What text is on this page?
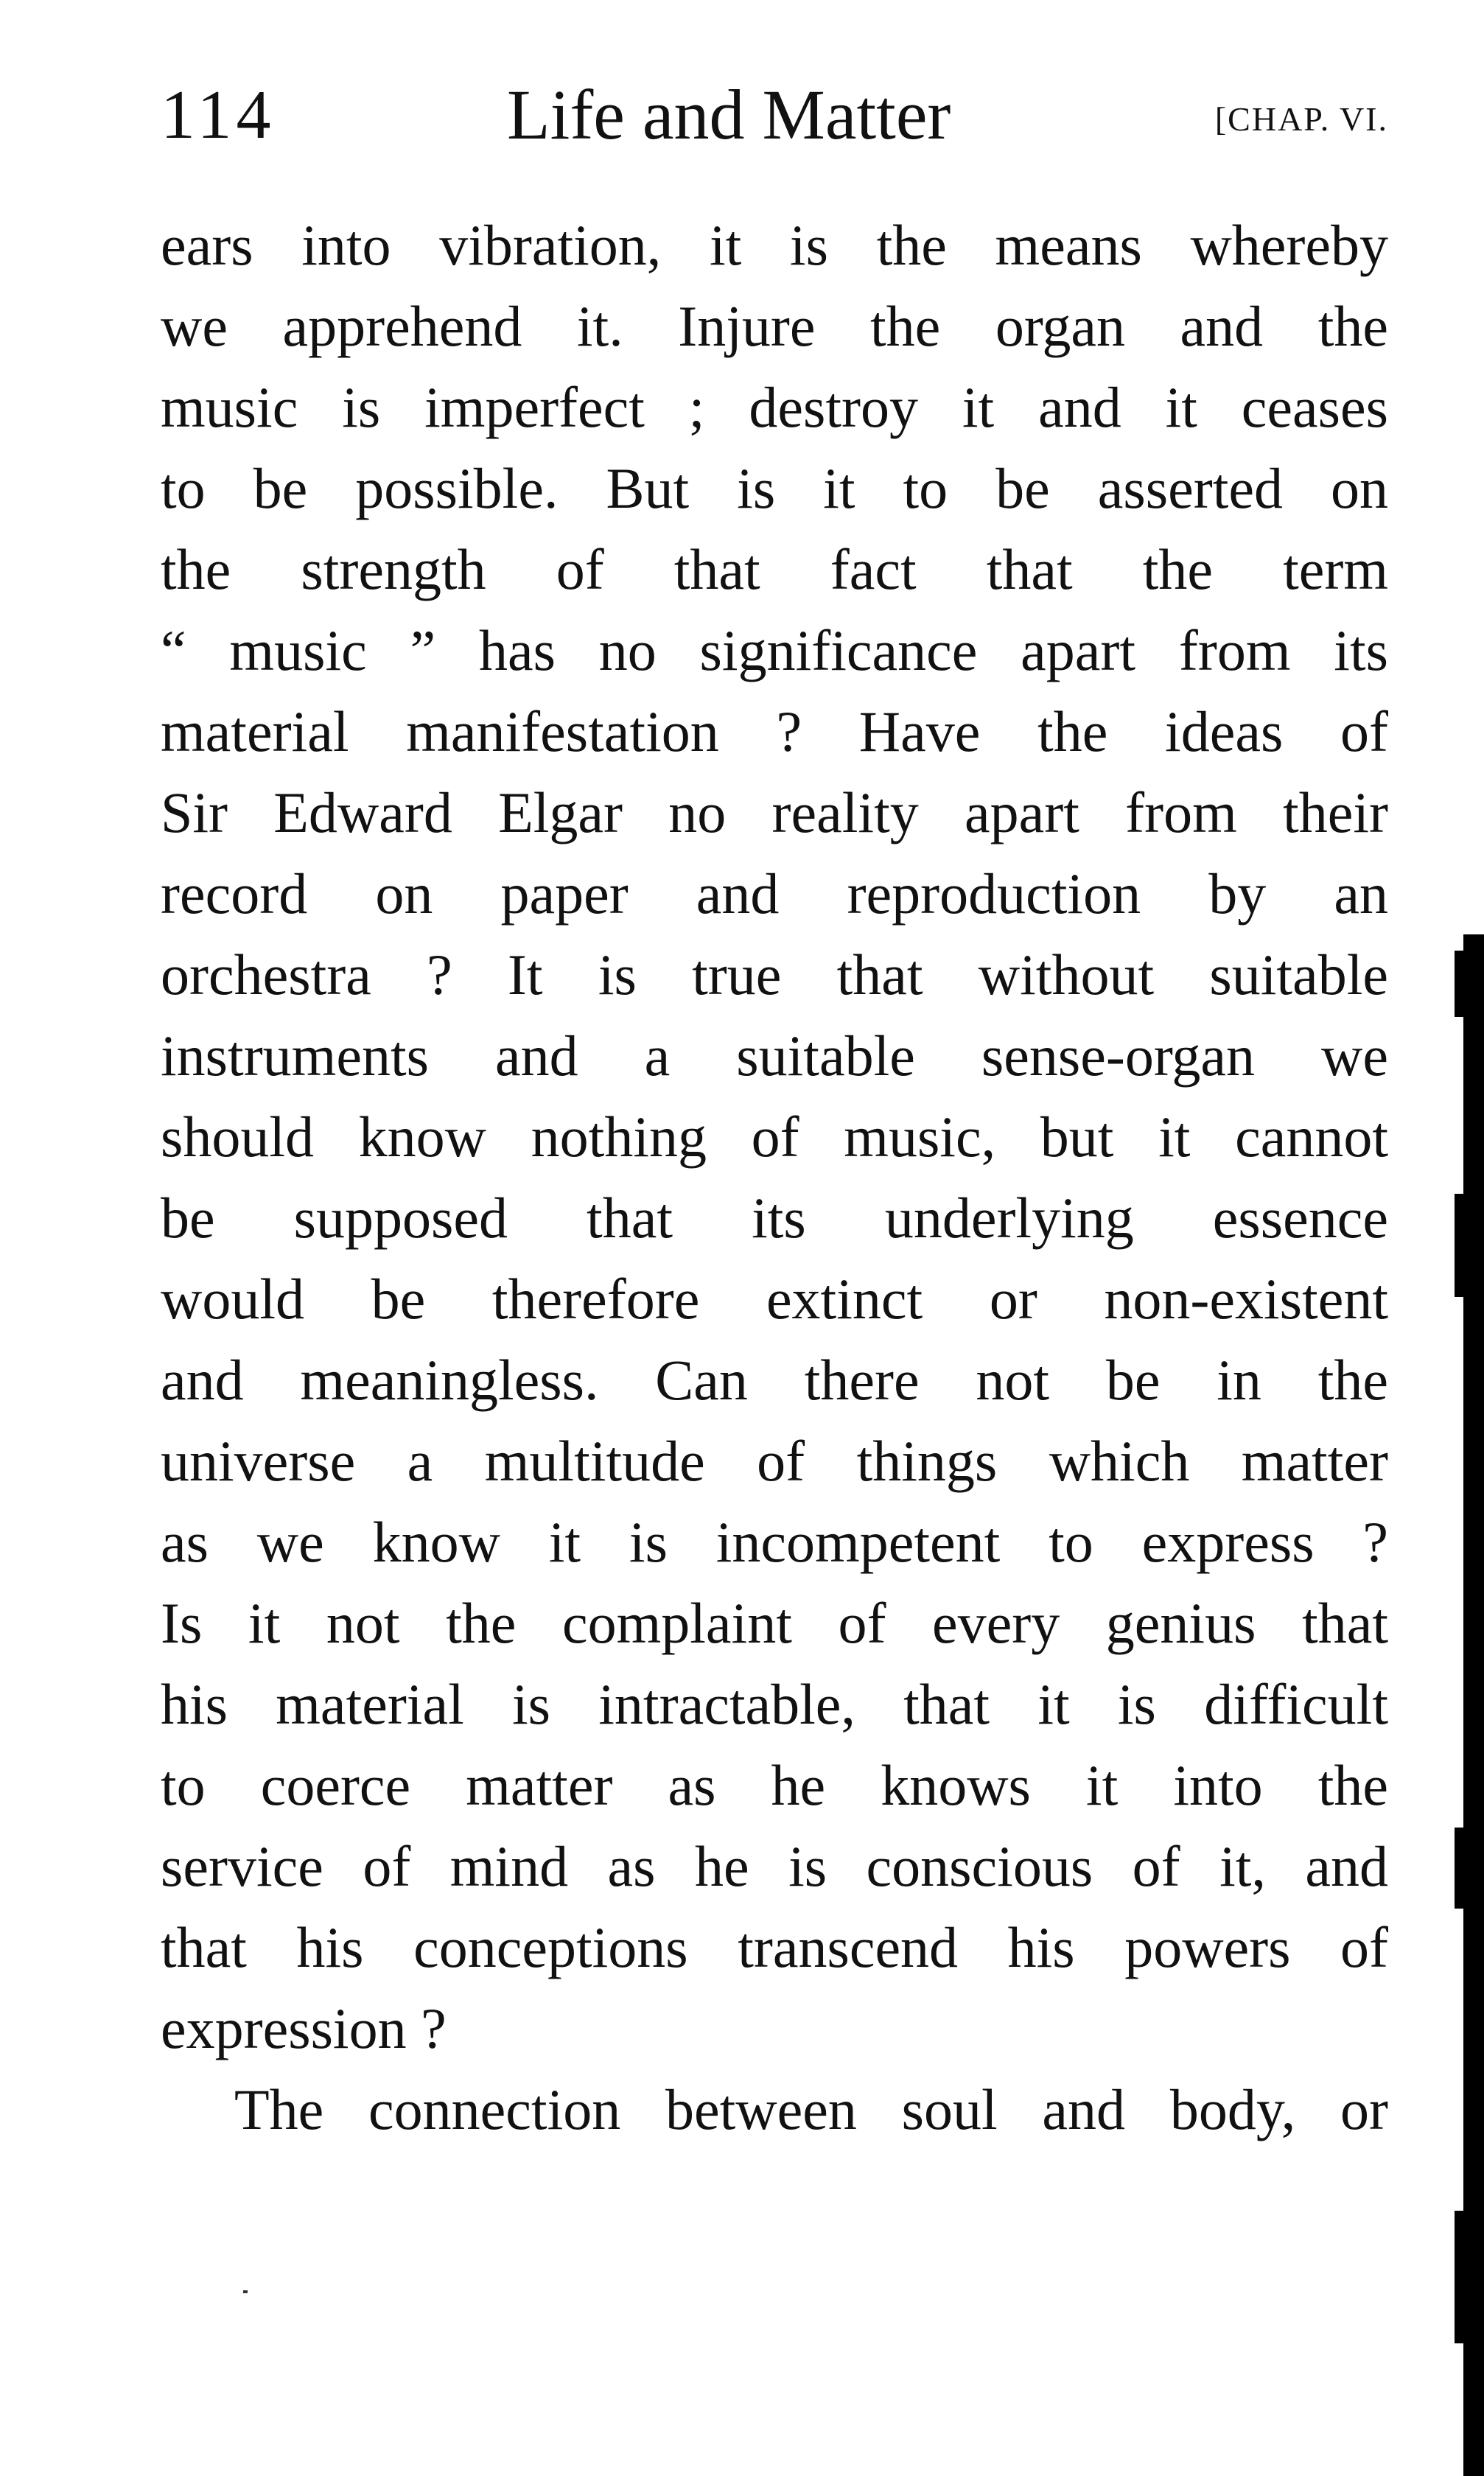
114	Life and Matter	[CHAP. VI.
ears into vibration, it is the means whereby
we apprehend it. Injure the organ and the
music is imperfect ; destroy it and it ceases
to be possible. But is it to be asserted on
the strength of that fact that the term
“ music ” has no significance apart from its
material manifestation ? Have the ideas of
Sir Edward Elgar no reality apart from their
record on paper and reproduction by an
orchestra ? It is true that without suitable
instruments and a suitable sense-organ we
should know nothing of music, but it cannot
be supposed that its underlying essence
would be therefore extinct or non-existent
and meaningless. Can there not be in the
universe a multitude of things which matter
as we know it is incompetent to express ?
Is it not the complaint of every genius that
his material is intractable, that it is difficult
to coerce matter as he knows it into the
service of mind as he is conscious of it, and
that his conceptions transcend his powers of
expression ?
The connection between soul and body, or
